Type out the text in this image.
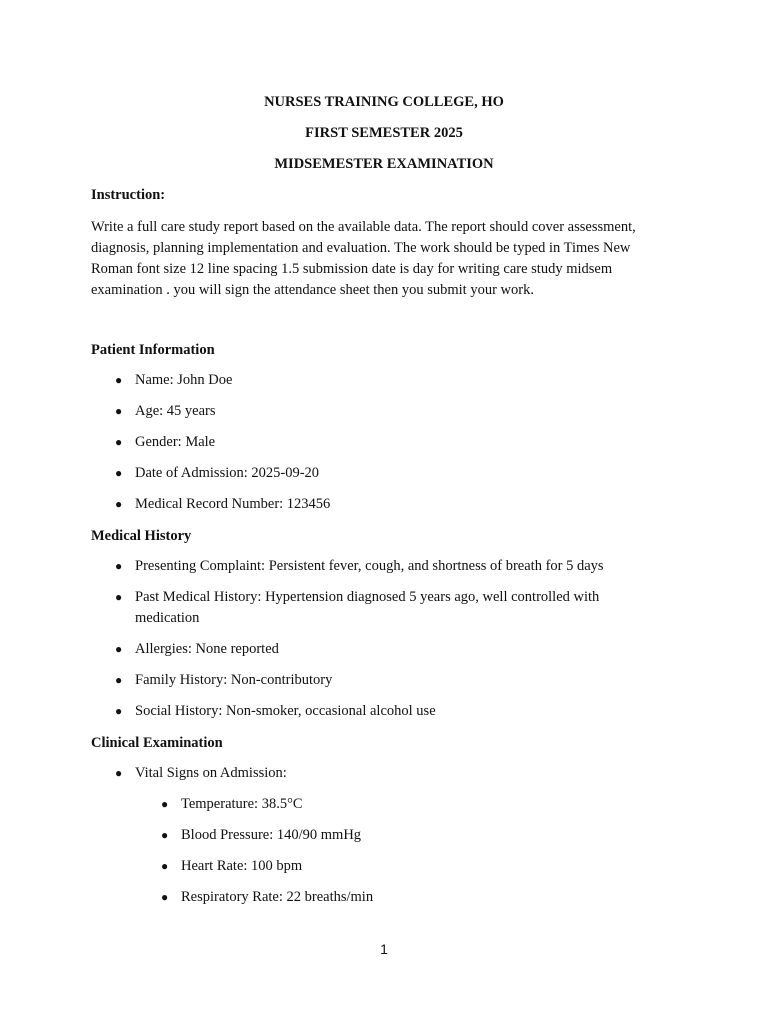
NURSES TRAINING COLLEGE, HO
FIRST SEMESTER 2025
MIDSEMESTER EXAMINATION
Instruction:
Write a full care study report based on the available data. The report should cover assessment, diagnosis, planning implementation and evaluation. The work should be typed in Times New Roman font size 12 line spacing 1.5 submission date is day for writing care study midsem examination . you will sign the attendance sheet then you submit your work.
Patient Information
● Name: John Doe
● Age: 45 years
● Gender: Male
● Date of Admission: 2025-09-20
● Medical Record Number: 123456
Medical History
● Presenting Complaint: Persistent fever, cough, and shortness of breath for 5 days
● Past Medical History: Hypertension diagnosed 5 years ago, well controlled with medication
● Allergies: None reported
● Family History: Non-contributory
● Social History: Non-smoker, occasional alcohol use
Clinical Examination
● Vital Signs on Admission:
● Temperature: 38.5°C
● Blood Pressure: 140/90 mmHg
● Heart Rate: 100 bpm
● Respiratory Rate: 22 breaths/min
1
